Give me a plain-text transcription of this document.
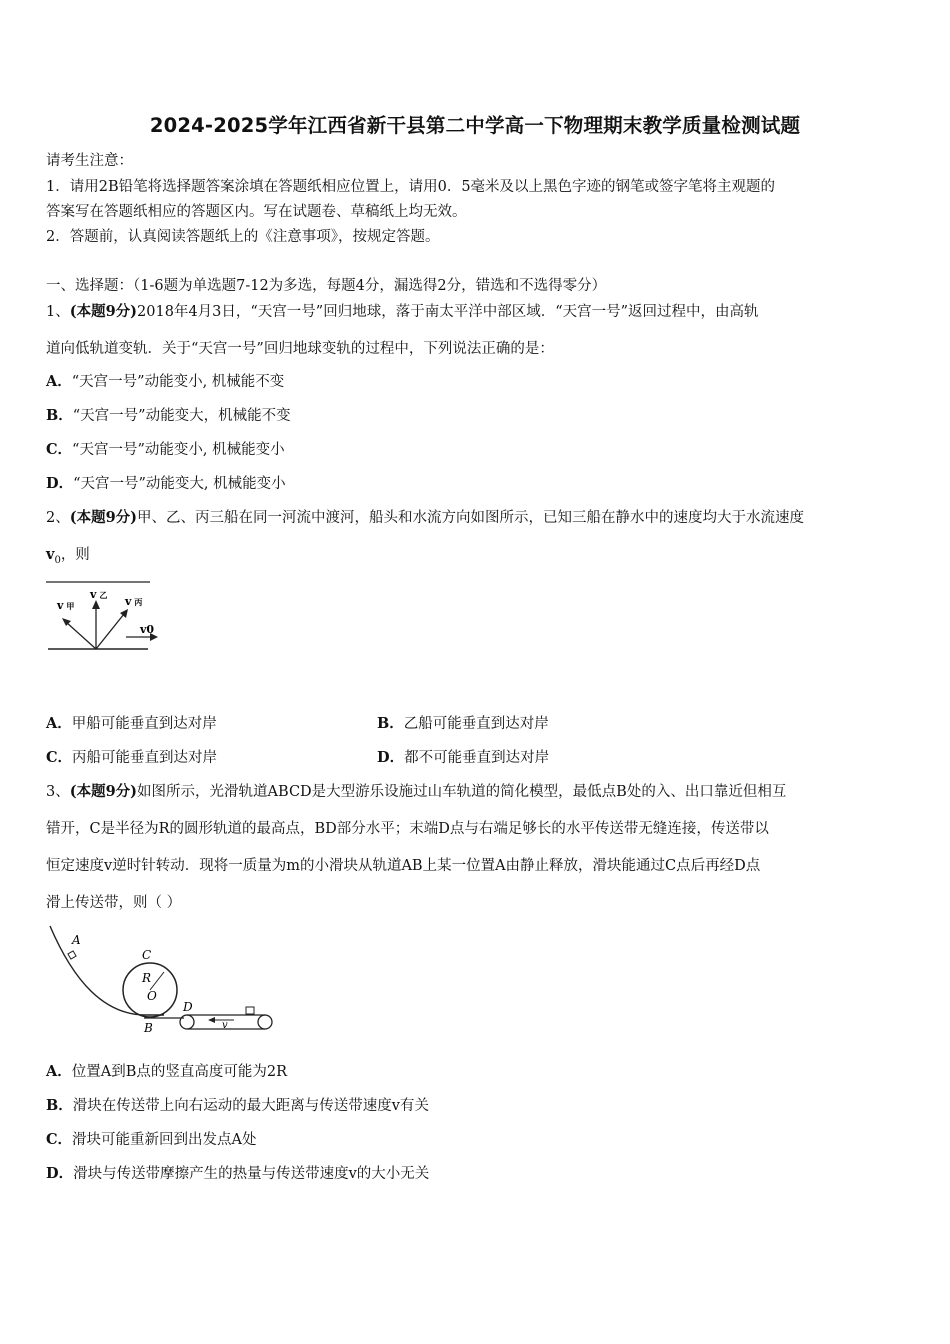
2024-2025学年江西省新干县第二中学高一下物理期末教学质量检测试题
请考生注意：
1．请用2B铅笔将选择题答案涂填在答题纸相应位置上，请用0．5毫米及以上黑色字迹的钢笔或签字笔将主观题的
答案写在答题纸相应的答题区内。写在试题卷、草稿纸上均无效。
2．答题前，认真阅读答题纸上的《注意事项》，按规定答题。
一、选择题：（1-6题为单选题7-12为多选，每题4分，漏选得2分，错选和不选得零分）
1、(本题9分)2018年4月3日，“天宫一号”回归地球，落于南太平洋中部区域．“天宫一号”返回过程中，由高轨
道向低轨道变轨．关于“天宫一号”回归地球变轨的过程中，下列说法正确的是：
A．“天宫一号”动能变小, 机械能不变
B．“天宫一号”动能变大，机械能不变
C．“天宫一号”动能变小, 机械能变小
D．“天宫一号”动能变大, 机械能变小
2、(本题9分)甲、乙、丙三船在同一河流中渡河，船头和水流方向如图所示，已知三船在静水中的速度均大于水流速度
$v_0$，则
v 甲
v 乙 v 丙
v0
A．甲船可能垂直到达对岸	B．乙船可能垂直到达对岸
C．丙船可能垂直到达对岸	D．都不可能垂直到达对岸
3、(本题9分)如图所示，光滑轨道ABCD是大型游乐设施过山车轨道的简化模型，最低点B处的入、出口靠近但相互
错开，C是半径为R的圆形轨道的最高点，BD部分水平；末端D点与右端足够长的水平传送带无缝连接，传送带以
恒定速度v逆时针转动．现将一质量为m的小滑块从轨道AB上某一位置A由静止释放，滑块能通过C点后再经D点
滑上传送带，则（ ）
A
C
R
O
D
B	v
A．位置A到B点的竖直高度可能为2R
B．滑块在传送带上向右运动的最大距离与传送带速度v有关
C．滑块可能重新回到出发点A处
D．滑块与传送带摩擦产生的热量与传送带速度v的大小无关
